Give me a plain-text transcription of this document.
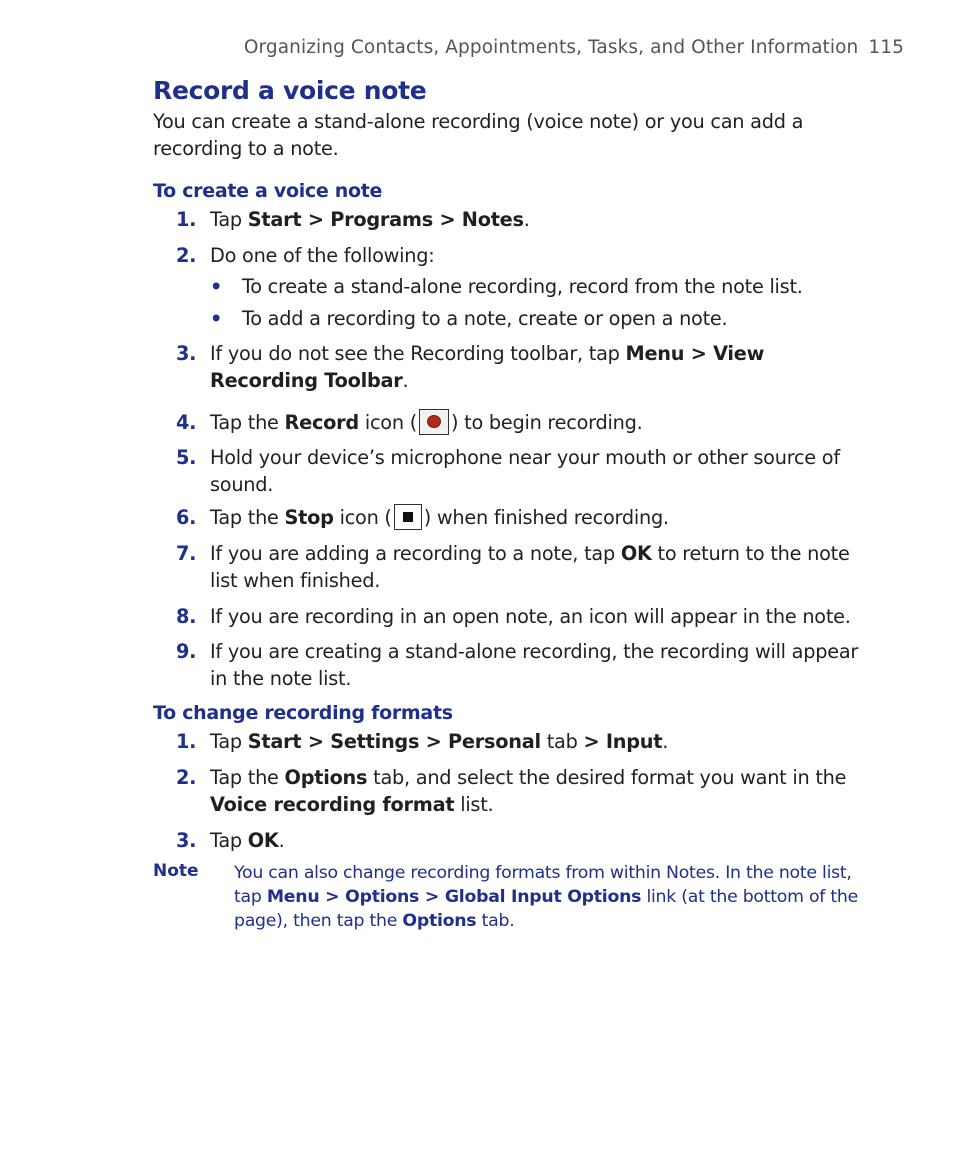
Organizing Contacts, Appointments, Tasks, and Other Information 115
Record a voice note

You can create a stand-alone recording (voice note) or you can add a recording to a note.

To create a voice note
1. Tap Start > Programs > Notes.
2. Do one of the following:
• To create a stand-alone recording, record from the note list.
• To add a recording to a note, create or open a note.
3. If you do not see the Recording toolbar, tap Menu > View Recording Toolbar.
4. Tap the Record icon ( ) to begin recording.
5. Hold your device’s microphone near your mouth or other source of sound.
6. Tap the Stop icon ( ) when finished recording.
7. If you are adding a recording to a note, tap OK to return to the note list when finished.
8. If you are recording in an open note, an icon will appear in the note.
9. If you are creating a stand-alone recording, the recording will appear in the note list.
To change recording formats
1. Tap Start > Settings > Personal tab > Input.
2. Tap the Options tab, and select the desired format you want in the Voice recording format list.
3. Tap OK.
Note You can also change recording formats from within Notes. In the note list, tap Menu > Options > Global Input Options link (at the bottom of the page), then tap the Options tab.
